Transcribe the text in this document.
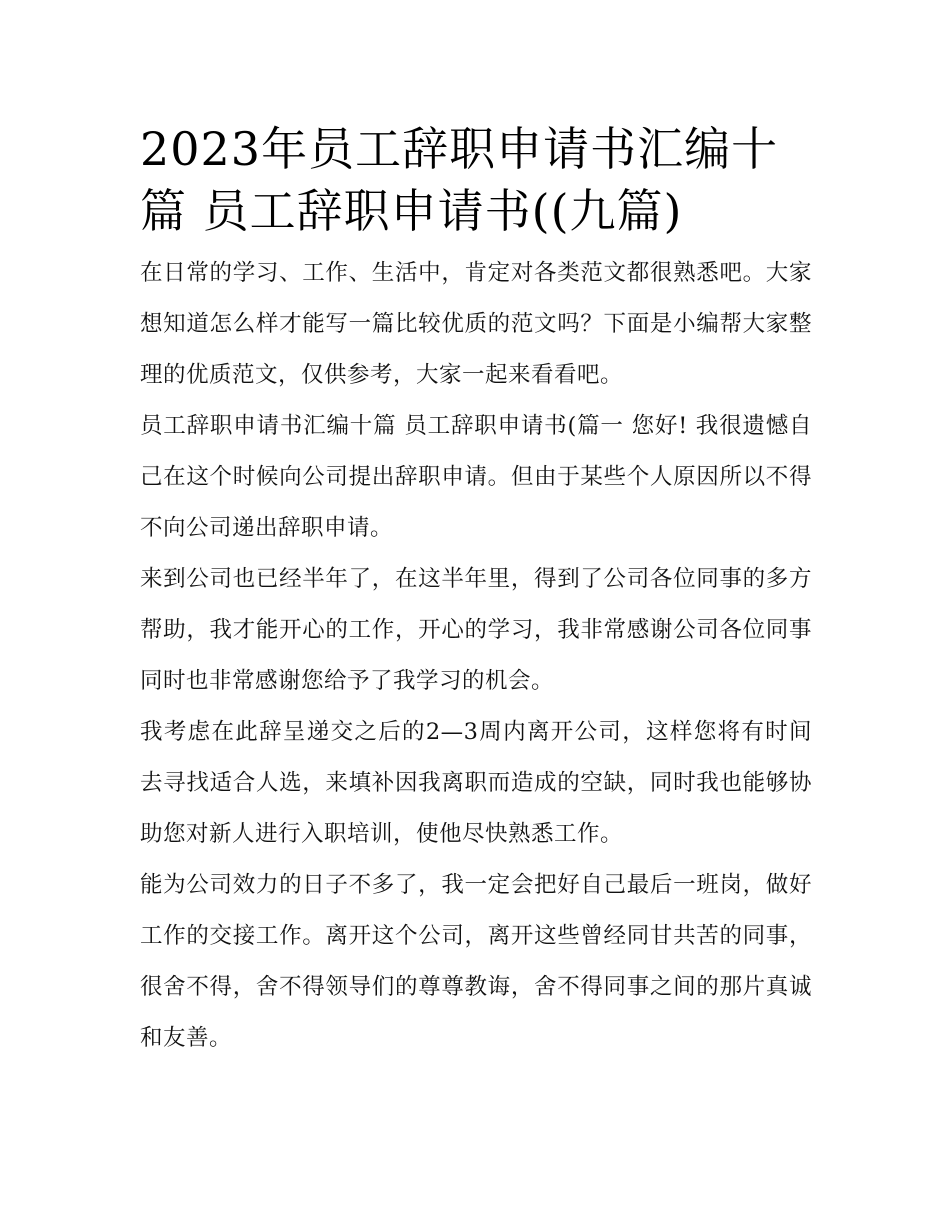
2023年员工辞职申请书汇编十篇 员工辞职申请书((九篇)

在日常的学习、工作、生活中，肯定对各类范文都很熟悉吧。大家想知道怎么样才能写一篇比较优质的范文吗？下面是小编帮大家整理的优质范文，仅供参考，大家一起来看看吧。

员工辞职申请书汇编十篇 员工辞职申请书(篇一 您好! 我很遗憾自己在这个时候向公司提出辞职申请。但由于某些个人原因所以不得不向公司递出辞职申请。

来到公司也已经半年了，在这半年里，得到了公司各位同事的多方帮助，我才能开心的工作，开心的学习，我非常感谢公司各位同事同时也非常感谢您给予了我学习的机会。

我考虑在此辞呈递交之后的2—3周内离开公司，这样您将有时间去寻找适合人选，来填补因我离职而造成的空缺，同时我也能够协助您对新人进行入职培训，使他尽快熟悉工作。

能为公司效力的日子不多了，我一定会把好自己最后一班岗，做好工作的交接工作。离开这个公司，离开这些曾经同甘共苦的同事，很舍不得，舍不得领导们的尊尊教诲，舍不得同事之间的那片真诚和友善。
